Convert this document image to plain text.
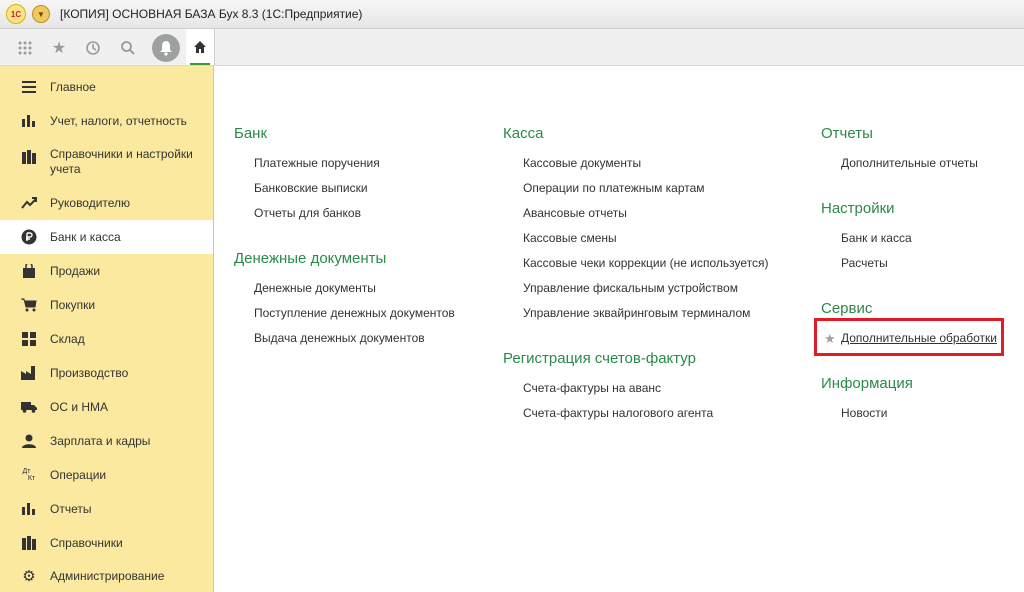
1С	▼ [КОПИЯ] ОСНОВНАЯ БАЗА Бух 8.3 (1С:Предприятие)
★
Главное
Учет, налоги, отчетность
Справочники и настройки
учета
Руководителю
Банк и касса
Продажи
Покупки
Склад
Производство
ОС и НМА
Зарплата и кадры
Дт
Кт Операции
Отчеты
Справочники
⚙ Администрирование
Банк
Платежные поручения
Банковские выписки
Отчеты для банков
Денежные документы
Денежные документы
Поступление денежных документов
Выдача денежных документов
Касса
Кассовые документы
Операции по платежным картам
Авансовые отчеты
Кассовые смены
Кассовые чеки коррекции (не используется)
Управление фискальным устройством
Управление эквайринговым терминалом
Регистрация счетов-фактур
Счета-фактуры на аванс
Счета-фактуры налогового агента
Отчеты
Дополнительные отчеты
Настройки
Банк и касса
Расчеты
Сервис
★ Дополнительные обработки
Информация
Новости
